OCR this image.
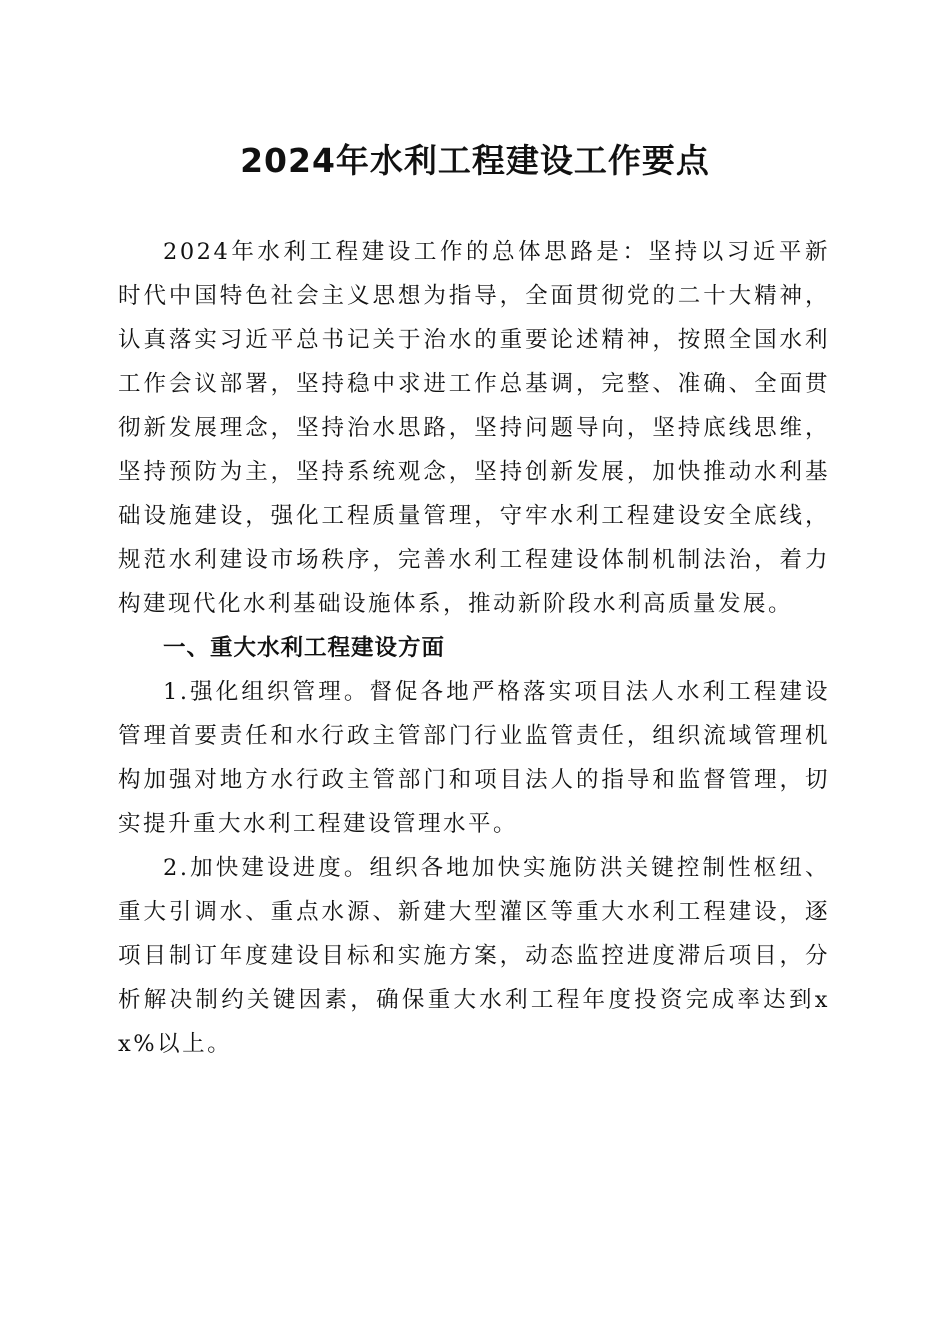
2024年水利工程建设工作要点

2024年水利工程建设工作的总体思路是：坚持以习近平新时代中国特色社会主义思想为指导，全面贯彻党的二十大精神，认真落实习近平总书记关于治水的重要论述精神，按照全国水利工作会议部署，坚持稳中求进工作总基调，完整、准确、全面贯彻新发展理念，坚持治水思路，坚持问题导向，坚持底线思维，坚持预防为主，坚持系统观念，坚持创新发展，加快推动水利基础设施建设，强化工程质量管理，守牢水利工程建设安全底线，规范水利建设市场秩序，完善水利工程建设体制机制法治，着力构建现代化水利基础设施体系，推动新阶段水利高质量发展。

一、重大水利工程建设方面

1.强化组织管理。督促各地严格落实项目法人水利工程建设管理首要责任和水行政主管部门行业监管责任，组织流域管理机构加强对地方水行政主管部门和项目法人的指导和监督管理，切实提升重大水利工程建设管理水平。

2.加快建设进度。组织各地加快实施防洪关键控制性枢纽、重大引调水、重点水源、新建大型灌区等重大水利工程建设，逐项目制订年度建设目标和实施方案，动态监控进度滞后项目，分析解决制约关键因素，确保重大水利工程年度投资完成率达到xx%以上。
